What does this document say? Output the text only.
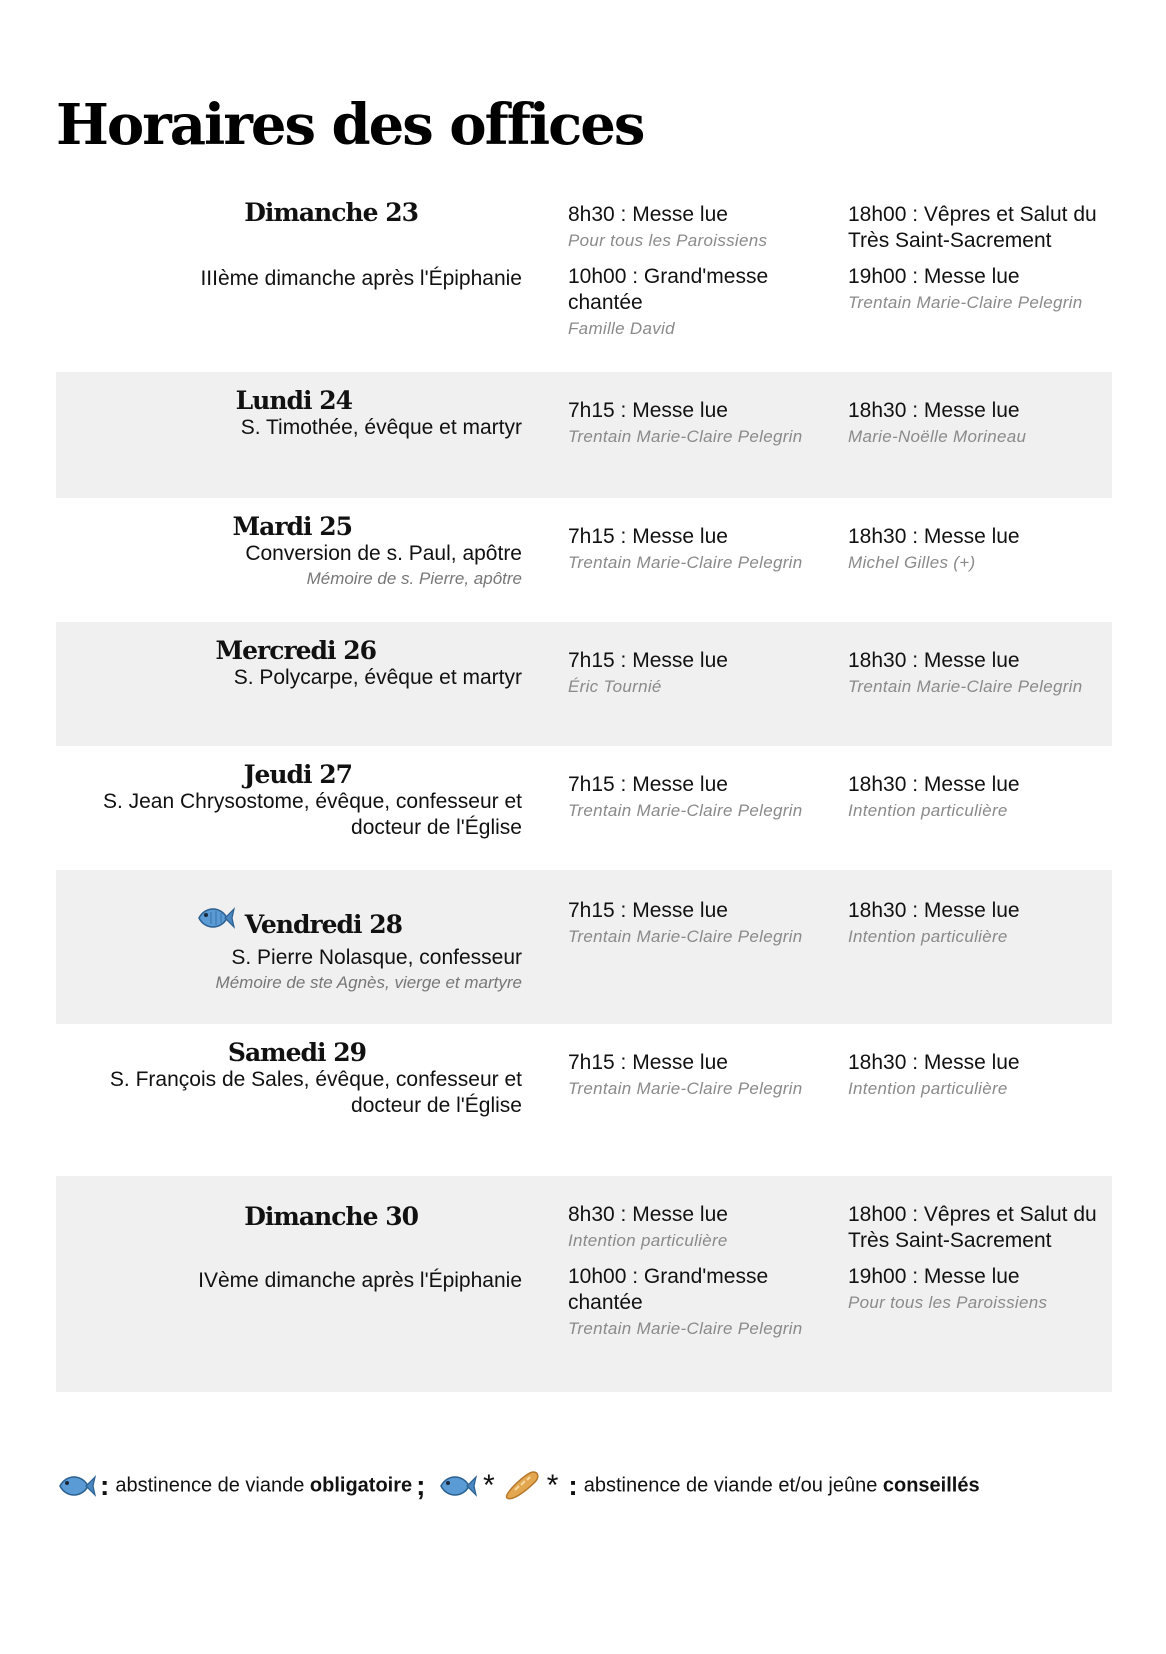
Horaires des offices
Dimanche 23
IIIème dimanche après l'Épiphanie
8h30 : Messe lue
Pour tous les Paroissiens
10h00 : Grand'messe chantée
Famille David
18h00 : Vêpres et Salut du Très Saint-Sacrement
19h00 : Messe lue
Trentain Marie-Claire Pelegrin
Lundi 24
S. Timothée, évêque et martyr
7h15 : Messe lue
Trentain Marie-Claire Pelegrin
18h30 : Messe lue
Marie-Noëlle Morineau
Mardi 25
Conversion de s. Paul, apôtre
Mémoire de s. Pierre, apôtre
7h15 : Messe lue
Trentain Marie-Claire Pelegrin
18h30 : Messe lue
Michel Gilles (+)
Mercredi 26
S. Polycarpe, évêque et martyr
7h15 : Messe lue
Éric Tournié
18h30 : Messe lue
Trentain Marie-Claire Pelegrin
Jeudi 27
S. Jean Chrysostome, évêque, confesseur et docteur de l'Église
7h15 : Messe lue
Trentain Marie-Claire Pelegrin
18h30 : Messe lue
Intention particulière
Vendredi 28
S. Pierre Nolasque, confesseur
Mémoire de ste Agnès, vierge et martyre
7h15 : Messe lue
Trentain Marie-Claire Pelegrin
18h30 : Messe lue
Intention particulière
Samedi 29
S. François de Sales, évêque, confesseur et docteur de l'Église
7h15 : Messe lue
Trentain Marie-Claire Pelegrin
18h30 : Messe lue
Intention particulière
Dimanche 30
IVème dimanche après l'Épiphanie
8h30 : Messe lue
Intention particulière
10h00 : Grand'messe chantée
Trentain Marie-Claire Pelegrin
18h00 : Vêpres et Salut du Très Saint-Sacrement
19h00 : Messe lue
Pour tous les Paroissiens
: abstinence de viande obligatoire ; * * : abstinence de viande et/ou jeûne conseillés
